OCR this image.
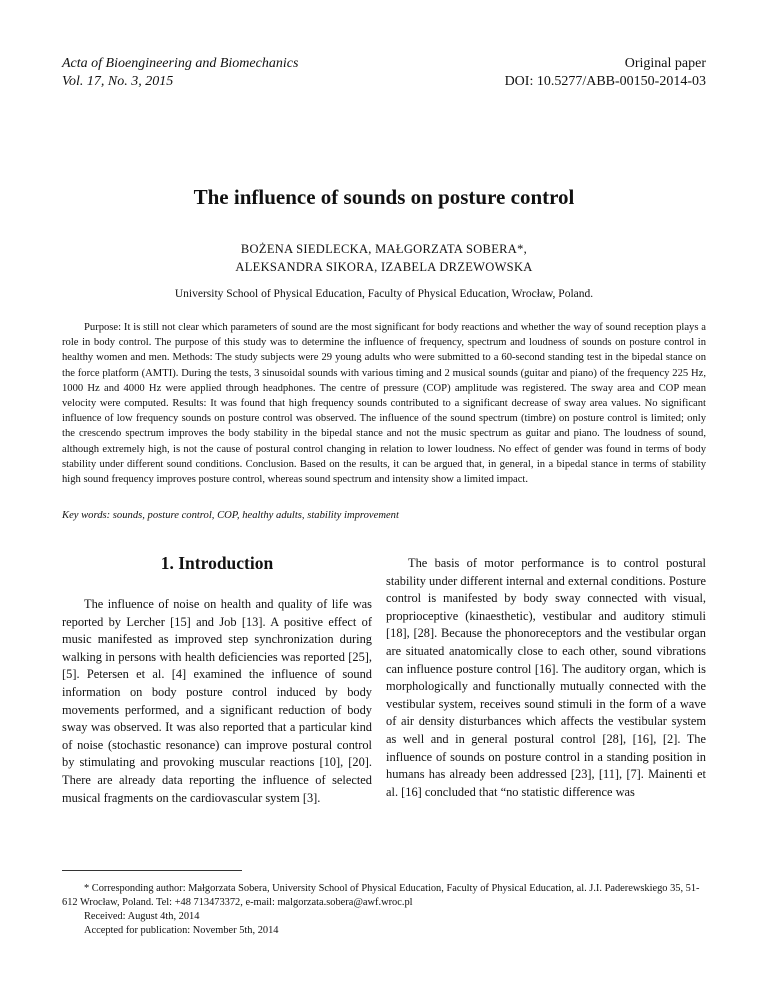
Acta of Bioengineering and Biomechanics
Vol. 17, No. 3, 2015
Original paper
DOI: 10.5277/ABB-00150-2014-03
The influence of sounds on posture control
BOŻENA SIEDLECKA, MAŁGORZATA SOBERA*,
ALEKSANDRA SIKORA, IZABELA DRZEWOWSKA
University School of Physical Education, Faculty of Physical Education, Wrocław, Poland.

Purpose: It is still not clear which parameters of sound are the most significant for body reactions and whether the way of sound reception plays a role in body control. The purpose of this study was to determine the influence of frequency, spectrum and loudness of sounds on posture control in healthy women and men. Methods: The study subjects were 29 young adults who were submitted to a 60-second standing test in the bipedal stance on the force platform (AMTI). During the tests, 3 sinusoidal sounds with various timing and 2 musical sounds (guitar and piano) of the frequency 225 Hz, 1000 Hz and 4000 Hz were applied through headphones. The centre of pressure (COP) amplitude was registered. The sway area and COP mean velocity were computed. Results: It was found that high frequency sounds contributed to a significant decrease of sway area values. No significant influence of low frequency sounds on posture control was observed. The influence of the sound spectrum (timbre) on posture control is limited; only the crescendo spectrum improves the body stability in the bipedal stance and not the music spectrum as guitar and piano. The loudness of sound, although extremely high, is not the cause of postural control changing in relation to lower loudness. No effect of gender was found in terms of body stability under different sound conditions. Conclusion. Based on the results, it can be argued that, in general, in a bipedal stance in terms of stability high sound frequency improves posture control, whereas sound spectrum and intensity show a limited impact.

Key words: sounds, posture control, COP, healthy adults, stability improvement

1. Introduction

The influence of noise on health and quality of life was reported by Lercher [15] and Job [13]. A positive effect of music manifested as improved step synchronization during walking in persons with health deficiencies was reported [25], [5]. Petersen et al. [4] examined the influence of sound information on body posture control induced by body movements performed, and a significant reduction of body sway was observed. It was also reported that a particular kind of noise (stochastic resonance) can improve postural control by stimulating and provoking muscular reactions [10], [20]. There are already data reporting the influence of selected musical fragments on the cardiovascular system [3].

The basis of motor performance is to control postural stability under different internal and external conditions. Posture control is manifested by body sway connected with visual, proprioceptive (kinaesthetic), vestibular and auditory stimuli [18], [28]. Because the phonoreceptors and the vestibular organ are situated anatomically close to each other, sound vibrations can influence posture control [16]. The auditory organ, which is morphologically and functionally mutually connected with the vestibular system, receives sound stimuli in the form of a wave of air density disturbances which affects the vestibular system as well and in general postural control [28], [16], [2]. The influence of sounds on posture control in a standing position in humans has already been addressed [23], [11], [7]. Mainenti et al. [16] concluded that “no statistic difference was

* Corresponding author: Małgorzata Sobera, University School of Physical Education, Faculty of Physical Education, al. J.I. Paderewskiego 35, 51-612 Wrocław, Poland. Tel: +48 713473372, e-mail: malgorzata.sobera@awf.wroc.pl

Received: August 4th, 2014
Accepted for publication: November 5th, 2014
